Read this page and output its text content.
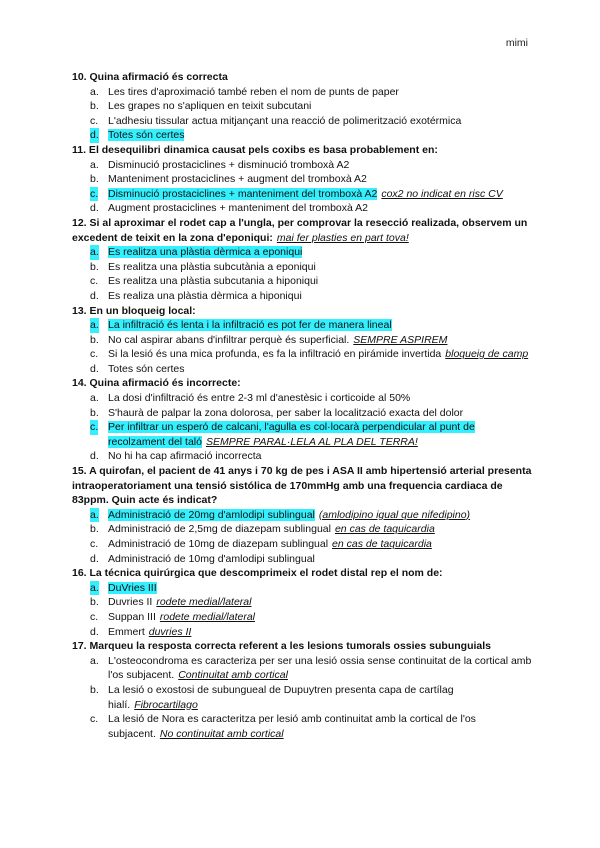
mimi

10. Quina afirmació és correcta

a. Les tires d'aproximació també reben el nom de punts de paper

b. Les grapes no s'apliquen en teixit subcutani

c. L'adhesiu tissular actua mitjançant una reacció de polimerització exotérmica

d. Totes són certes

11. El desequilibri dinamica causat pels coxibs es basa probablement en:

a. Disminució prostaciclines + disminució tromboxà A2

b. Manteniment prostaciclines + augment del tromboxà A2

c. Disminució prostaciclines + manteniment del tromboxà A2 cox2 no indicat en risc CV

d. Augment prostaciclines + manteniment del tromboxà A2

12. Si al aproximar el rodet cap a l'ungla, per comprovar la resecció realizada, observem un excedent de teixit en la zona d'eponiqui: mai fer plasties en part tova!

a. Es realitza una plàstia dèrmica a eponiqui

b. Es realitza una plàstia subcutània a eponiqui

c. Es realitza una plàstia subcutania a hiponiqui

d. Es realiza una plàstia dèrmica a hiponiqui

13. En un bloqueig local:

a. La infiltració és lenta i la infiltració es pot fer de manera lineal

b. No cal aspirar abans d'infiltrar perquè és superficial. SEMPRE ASPIREM

c. Si la lesió és una mica profunda, es fa la infiltració en pirámide invertida bloqueig de camp

d. Totes són certes

14. Quina afirmació és incorrecte:

a. La dosi d'infiltració és entre 2-3 ml d'anestèsic i corticoide al 50%

b. S'haurà de palpar la zona dolorosa, per saber la localització exacta del dolor

c. Per infiltrar un esperó de calcani, l'agulla es col·locarà perpendicular al punt de recolzament del taló SEMPRE PARAL·LELA AL PLA DEL TERRA!

d. No hi ha cap afirmació incorrecta

15. A quirofan, el pacient de 41 anys i 70 kg de pes i ASA II amb hipertensió arterial presenta intraoperatoriament una tensió sistólica de 170mmHg amb una frequencia cardiaca de 83ppm. Quin acte és indicat?

a. Administració de 20mg d'amlodipi sublingual (amlodipino igual que nifedipino)

b. Administració de 2,5mg de diazepam sublingual en cas de taquicardia

c. Administració de 10mg de diazepam sublingual en cas de taquicardia

d. Administració de 10mg d'amlodipi sublingual

16. La técnica quirúrgica que descomprimeix el rodet distal rep el nom de:

a. DuVries III

b. Duvries II rodete medial/lateral

c. Suppan III rodete medial/lateral

d. Emmert duvries II

17. Marqueu la resposta correcta referent a les lesions tumorals ossies subunguials

a. L'osteocondroma es caracteriza per ser una lesió ossia sense continuitat de la cortical amb l'os subjacent. Continuitat amb cortical

b. La lesió o exostosi de subungueal de Dupuytren presenta capa de cartílag hialí. Fibrocartilago

c. La lesió de Nora es caracteritza per lesió amb continuitat amb la cortical de l'os subjacent. No continuitat amb cortical
